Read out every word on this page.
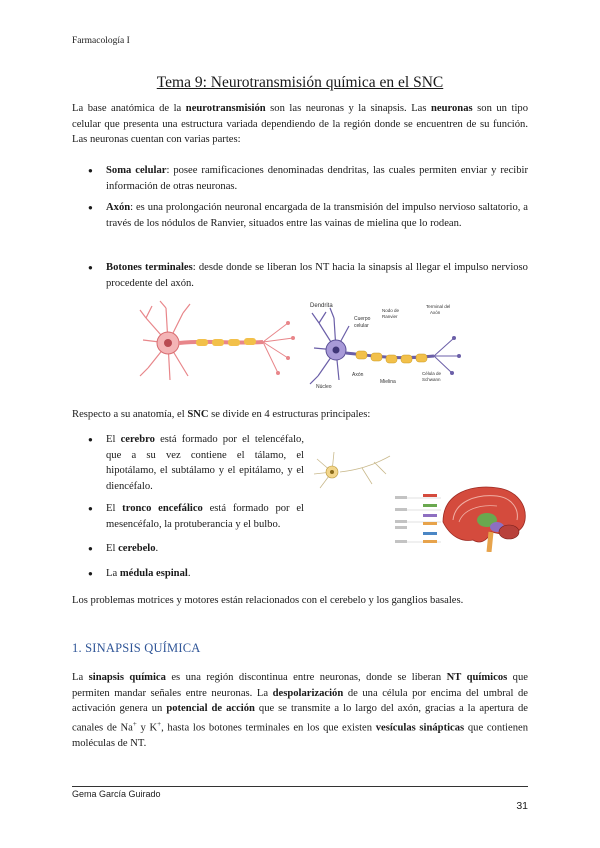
Farmacología I
Tema 9: Neurotransmisión química en el SNC

La base anatómica de la neurotransmisión son las neuronas y la sinapsis. Las neuronas son un tipo celular que presenta una estructura variada dependiendo de la región donde se encuentren de su función. Las neuronas cuentan con varias partes:

● Soma celular: posee ramificaciones denominadas dendritas, las cuales permiten enviar y recibir información de otras neuronas.
● Axón: es una prolongación neuronal encargada de la transmisión del impulso nervioso saltatorio, a través de los nódulos de Ranvier, situados entre las vainas de mielina que lo rodean.
● Botones terminales: desde donde se liberan los NT hacia la sinapsis al llegar el impulso nervioso procedente del axón.
Dendrita
Cuerpo
celular
Nodo de
Ranvier
Terminal del
Axón
Núcleo
Axón
Mielina
Célula de
Schwann

Respecto a su anatomía, el SNC se divide en 4 estructuras principales:

● El cerebro está formado por el telencéfalo, que a su vez contiene el tálamo, el hipotálamo, el subtálamo y el epitálamo, y el diencéfalo.
● El tronco encefálico está formado por el mesencéfalo, la protuberancia y el bulbo.
● El cerebelo.
● La médula espinal.

Los problemas motrices y motores están relacionados con el cerebelo y los ganglios basales.

1. SINAPSIS QUÍMICA

La sinapsis química es una región discontinua entre neuronas, donde se liberan NT químicos que permiten mandar señales entre neuronas. La despolarización de una célula por encima del umbral de activación genera un potencial de acción que se transmite a lo largo del axón, gracias a la apertura de canales de Na+ y K+, hasta los botones terminales en los que existen vesículas sinápticas que contienen moléculas de NT.

Gema García Guirado
31
